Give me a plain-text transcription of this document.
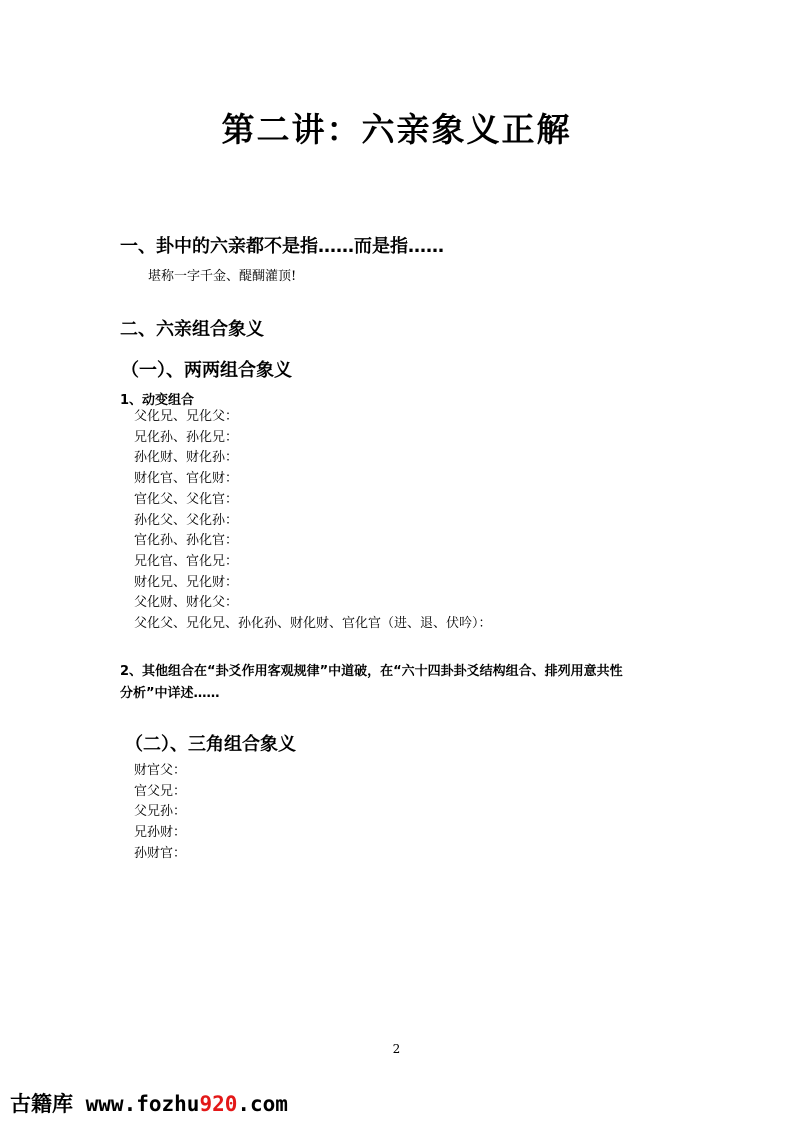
第二讲：六亲象义正解
一、卦中的六亲都不是指……而是指……
堪称一字千金、醍醐灌顶!
二、六亲组合象义
（一）、两两组合象义
1、动变组合
父化兄、兄化父：
兄化孙、孙化兄：
孙化财、财化孙：
财化官、官化财：
官化父、父化官：
孙化父、父化孙：
官化孙、孙化官：
兄化官、官化兄：
财化兄、兄化财：
父化财、财化父：
父化父、兄化兄、孙化孙、财化财、官化官（进、退、伏吟）：
2、其他组合在“卦爻作用客观规律”中道破，在“六十四卦卦爻结构组合、排列用意共性
分析”中详述……
（二）、三角组合象义
财官父：
官父兄：
父兄孙：
兄孙财：
孙财官：
2
古籍库 www.fozhu920.com
